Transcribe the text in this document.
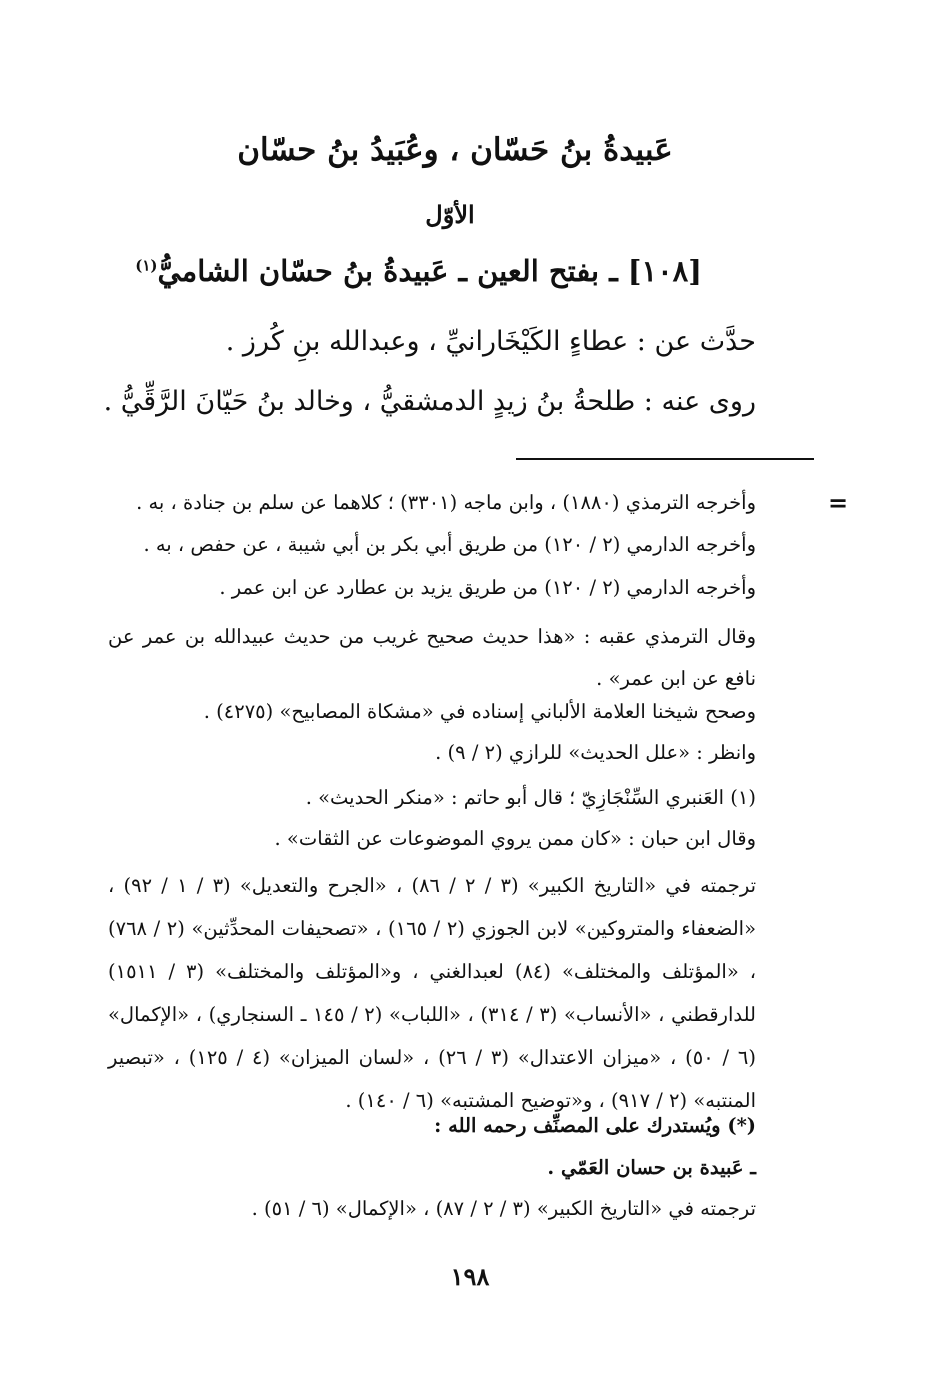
عَبيدةُ بنُ حَسّان ، وعُبَيدُ بنُ حسّان
الأوّل
[١٠٨] ـ بفتح العين ـ عَبيدةُ بنُ حسّان الشاميُّ$^{(١)}$
حدَّث عن : عطاءٍ الكَيْخَارانيِّ ، وعبدالله بنِ كُرز .
روى عنه : طلحةُ بنُ زيدٍ الدمشقيُّ ، وخالد بنُ حَيّانَ الرَّقِّيُّ .
=
وأخرجه الترمذي (١٨٨٠) ، وابن ماجه (٣٣٠١) ؛ كلاهما عن سلم بن جنادة ، به .
وأخرجه الدارمي (٢ / ١٢٠) من طريق أبي بكر بن أبي شيبة ، عن حفص ، به .
وأخرجه الدارمي (٢ / ١٢٠) من طريق يزيد بن عطارد عن ابن عمر .
وقال الترمذي عقبه : «هذا حديث صحيح غريب من حديث عبيدالله بن عمر عن نافع عن ابن عمر» .
وصحح شيخنا العلامة الألباني إسناده في «مشكاة المصابيح» (٤٢٧٥) .
وانظر : «علل الحديث» للرازي (٢ / ٩) .
(١) العَنبري السِّنْجَازِيّ ؛ قال أبو حاتم : «منكر الحديث» .
وقال ابن حبان : «كان ممن يروي الموضوعات عن الثقات» .
ترجمته في «التاريخ الكبير» (٣ / ٢ / ٨٦) ، «الجرح والتعديل» (٣ / ١ / ٩٢) ، «الضعفاء والمتروكين» لابن الجوزي (٢ / ١٦٥) ، «تصحيفات المحدِّثين» (٢ / ٧٦٨) ، «المؤتلف والمختلف» (٨٤) لعبدالغني ، و«المؤتلف والمختلف» (٣ / ١٥١١) للدارقطني ، «الأنساب» (٣ / ٣١٤) ، «اللباب» (٢ / ١٤٥ ـ السنجاري) ، «الإكمال» (٦ / ٥٠) ، «ميزان الاعتدال» (٣ / ٢٦) ، «لسان الميزان» (٤ / ١٢٥) ، «تبصير المنتبه» (٢ / ٩١٧) ، و«توضيح المشتبه» (٦ / ١٤٠) .
(*) ويُستدرك على المصنِّف رحمه الله :
ـ عَبيدة بن حسان العَمّي .
ترجمته في «التاريخ الكبير» (٣ / ٢ / ٨٧) ، «الإكمال» (٦ / ٥١) .
١٩٨
